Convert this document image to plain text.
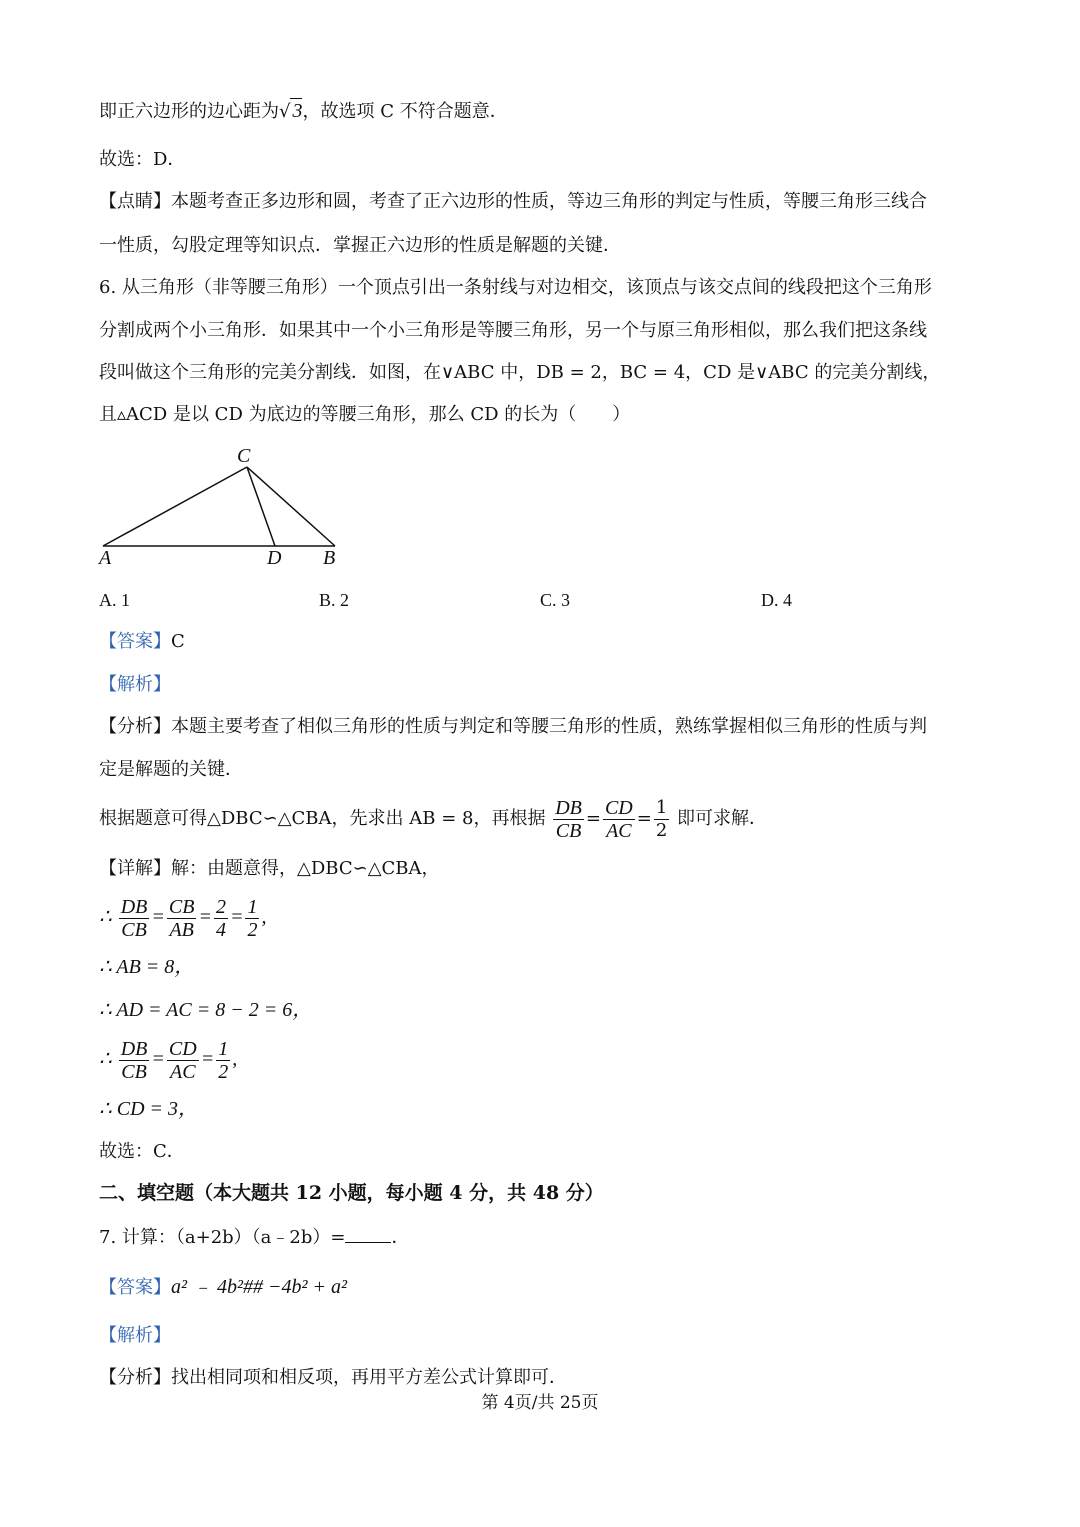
即正六边形的边心距为√ 3，故选项 C 不符合题意．
故选：D．
【点睛】本题考查正多边形和圆，考查了正六边形的性质，等边三角形的判定与性质，等腰三角形三线合
一性质，勾股定理等知识点．掌握正六边形的性质是解题的关键．
6. 从三角形（非等腰三角形）一个顶点引出一条射线与对边相交，该顶点与该交点间的线段把这个三角形
分割成两个小三角形．如果其中一个小三角形是等腰三角形，另一个与原三角形相似，那么我们把这条线
段叫做这个三角形的完美分割线．如图，在∨ABC 中，DB = 2，BC = 4，CD 是∨ABC 的完美分割线，
且▵ACD 是以 CD 为底边的等腰三角形，那么 CD 的长为（　　）
C
A	D B
A. 1	B. 2	C. 3	D. 4
【答案】C
【解析】
【分析】本题主要考查了相似三角形的性质与判定和等腰三角形的性质，熟练掌握相似三角形的性质与判
定是解题的关键．
根据题意可得△DBC∽△CBA，先求出 AB = 8，再根据 $\frac{DB}{CB} = \frac{CD}{AC} = \frac{1}{2}$ 即可求解．
【详解】解：由题意得，△DBC∽△CBA，
∴ $\frac{DB}{CB} = \frac{CB}{AB} = \frac{2}{4} = \frac{1}{2}$ ,
∴ AB = 8，
∴ AD = AC = 8 − 2 = 6，
∴ $\frac{DB}{CB} = \frac{CD}{AC} = \frac{1}{2}$ ,
∴ CD = 3，
故选：C．
二、填空题（本大题共 12 小题，每小题 4 分，共 48 分）
7. 计算：（a+2b）（a﹣2b）=	．
【答案】a² ﹣ 4b²## −4b² + a²
【解析】
【分析】找出相同项和相反项，再用平方差公式计算即可．
第 4页/共 25页
